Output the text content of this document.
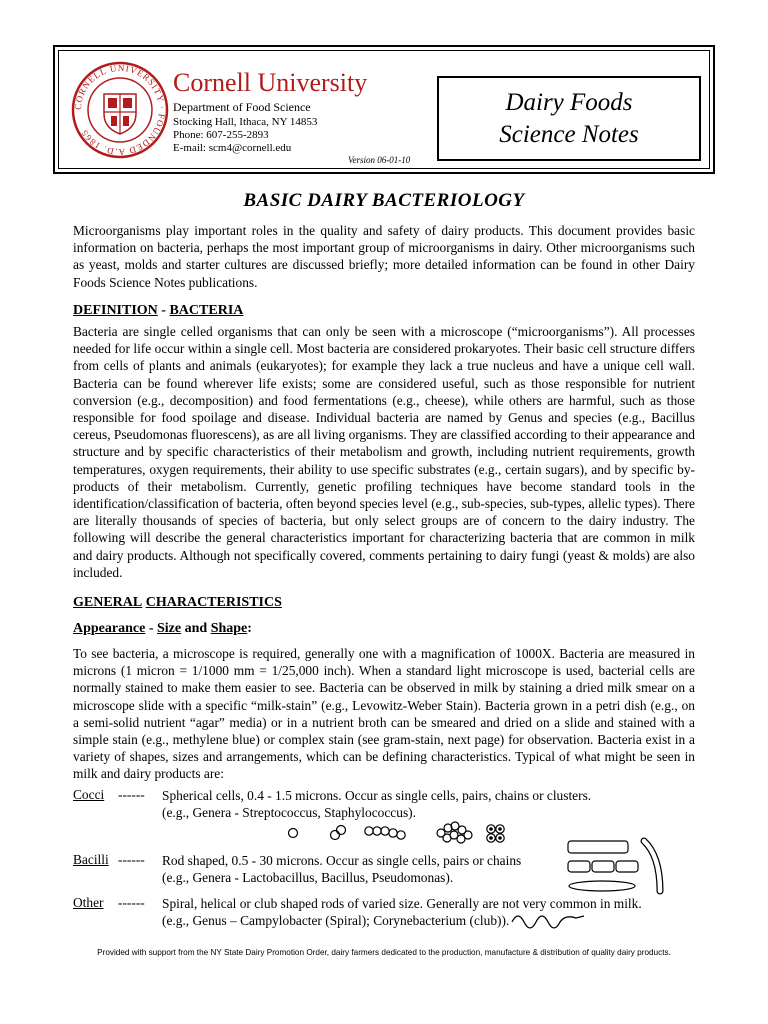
CORNELL UNIVERSITY · FOUNDED A.D. 1865
Cornell University
Department of Food Science
Stocking Hall, Ithaca, NY 14853
Phone: 607-255-2893
E-mail: scm4@cornell.edu
Version 06-01-10
Dairy Foods
Science Notes
BASIC DAIRY BACTERIOLOGY
Microorganisms play important roles in the quality and safety of dairy products. This document provides basic information on bacteria, perhaps the most important group of microorganisms in dairy. Other microorganisms such as yeast, molds and starter cultures are discussed briefly; more detailed information can be found in other Dairy Foods Science Notes publications.
DEFINITION - BACTERIA
Bacteria are single celled organisms that can only be seen with a microscope (“microorganisms”). All processes needed for life occur within a single cell. Most bacteria are considered prokaryotes. Their basic cell structure differs from cells of plants and animals (eukaryotes); for example they lack a true nucleus and have a unique cell wall. Bacteria can be found wherever life exists; some are considered useful, such as those responsible for nutrient conversion (e.g., decomposition) and food fermentations (e.g., cheese), while others are harmful, such as those responsible for food spoilage and disease. Individual bacteria are named by Genus and species (e.g., Bacillus cereus, Pseudomonas fluorescens), as are all living organisms. They are classified according to their appearance and structure and by specific characteristics of their metabolism and growth, including nutrient requirements, growth temperatures, oxygen requirements, their ability to use specific substrates (e.g., certain sugars), and by specific by-products of their metabolism. Currently, genetic profiling techniques have become standard tools in the identification/classification of bacteria, often beyond species level (e.g., sub-species, sub-types, allelic types). There are literally thousands of species of bacteria, but only select groups are of concern to the dairy industry. The following will describe the general characteristics important for characterizing bacteria that are common in milk and dairy products. Although not specifically covered, comments pertaining to dairy fungi (yeast & molds) are also included.
GENERAL CHARACTERISTICS
Appearance - Size and Shape:
To see bacteria, a microscope is required, generally one with a magnification of 1000X. Bacteria are measured in microns (1 micron = 1/1000 mm = 1/25,000 inch). When a standard light microscope is used, bacterial cells are normally stained to make them easier to see. Bacteria can be observed in milk by staining a dried milk smear on a microscope slide with a specific “milk-stain” (e.g., Levowitz-Weber Stain). Bacteria grown in a petri dish (e.g., on a semi-solid nutrient “agar” media) or in a nutrient broth can be smeared and dried on a slide and stained with a simple stain (e.g., methylene blue) or complex stain (see gram-stain, next page) for observation. Bacteria exist in a variety of shapes, sizes and arrangements, which can be defining characteristics. Typical of what might be seen in milk and dairy products are:
Cocci ------ Spherical cells, 0.4 - 1.5 microns. Occur as single cells, pairs, chains or clusters.
(e.g., Genera - Streptococcus, Staphylococcus).
Bacilli ------ Rod shaped, 0.5 - 30 microns. Occur as single cells, pairs or chains
(e.g., Genera - Lactobacillus, Bacillus, Pseudomonas).
Other ------ Spiral, helical or club shaped rods of varied size. Generally are not very common in milk.
(e.g., Genus – Campylobacter (Spiral); Corynebacterium (club)).
Provided with support from the NY State Dairy Promotion Order, dairy farmers dedicated to the production, manufacture & distribution of quality dairy products.
